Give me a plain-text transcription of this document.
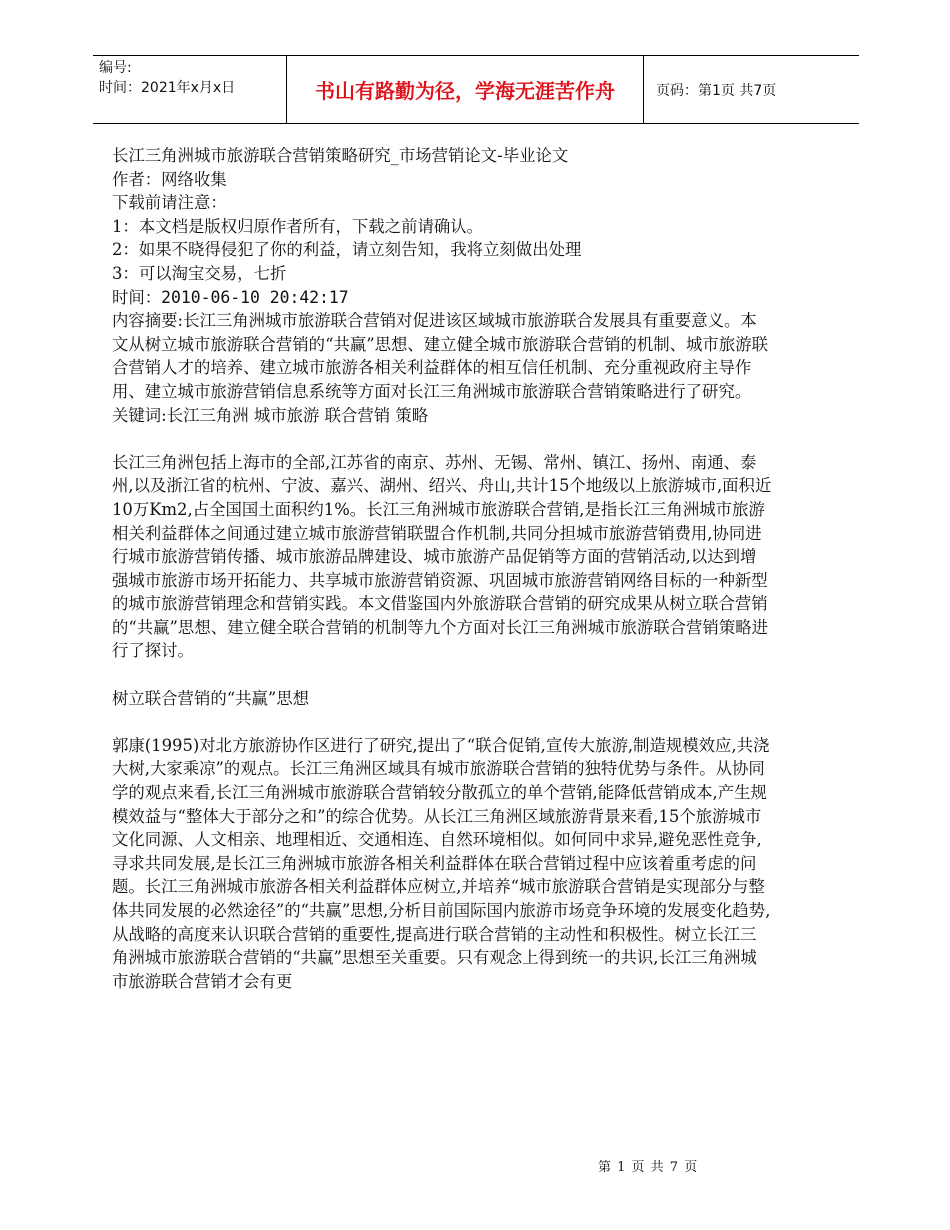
编号:
时间：2021年x月x日	书山有路勤为径，学海无涯苦作舟	页码：第1页 共7页

长江三角洲城市旅游联合营销策略研究_市场营销论文-毕业论文

作者：网络收集

下载前请注意：

1：本文档是版权归原作者所有，下载之前请确认。

2：如果不晓得侵犯了你的利益，请立刻告知，我将立刻做出处理

3：可以淘宝交易，七折

时间：2010-06-10 20:42:17

内容摘要:长江三角洲城市旅游联合营销对促进该区域城市旅游联合发展具有重要意义。本文从树立城市旅游联合营销的“共赢”思想、建立健全城市旅游联合营销的机制、城市旅游联合营销人才的培养、建立城市旅游各相关利益群体的相互信任机制、充分重视政府主导作用、建立城市旅游营销信息系统等方面对长江三角洲城市旅游联合营销策略进行了研究。

关键词:长江三角洲 城市旅游 联合营销 策略

长江三角洲包括上海市的全部,江苏省的南京、苏州、无锡、常州、镇江、扬州、南通、泰州,以及浙江省的杭州、宁波、嘉兴、湖州、绍兴、舟山,共计15个地级以上旅游城市,面积近10万Km2,占全国国土面积约1%。长江三角洲城市旅游联合营销,是指长江三角洲城市旅游相关利益群体之间通过建立城市旅游营销联盟合作机制,共同分担城市旅游营销费用,协同进行城市旅游营销传播、城市旅游品牌建设、城市旅游产品促销等方面的营销活动,以达到增强城市旅游市场开拓能力、共享城市旅游营销资源、巩固城市旅游营销网络目标的一种新型的城市旅游营销理念和营销实践。本文借鉴国内外旅游联合营销的研究成果从树立联合营销的“共赢”思想、建立健全联合营销的机制等九个方面对长江三角洲城市旅游联合营销策略进行了探讨。

树立联合营销的“共赢”思想

郭康(1995)对北方旅游协作区进行了研究,提出了“联合促销,宣传大旅游,制造规模效应,共浇大树,大家乘凉”的观点。长江三角洲区域具有城市旅游联合营销的独特优势与条件。从协同学的观点来看,长江三角洲城市旅游联合营销较分散孤立的单个营销,能降低营销成本,产生规模效益与“整体大于部分之和”的综合优势。从长江三角洲区域旅游背景来看,15个旅游城市文化同源、人文相亲、地理相近、交通相连、自然环境相似。如何同中求异,避免恶性竞争,寻求共同发展,是长江三角洲城市旅游各相关利益群体在联合营销过程中应该着重考虑的问题。长江三角洲城市旅游各相关利益群体应树立,并培养“城市旅游联合营销是实现部分与整体共同发展的必然途径”的“共赢”思想,分析目前国际国内旅游市场竞争环境的发展变化趋势,从战略的高度来认识联合营销的重要性,提高进行联合营销的主动性和积极性。树立长江三角洲城市旅游联合营销的“共赢”思想至关重要。只有观念上得到统一的共识,长江三角洲城市旅游联合营销才会有更

第 1 页 共 7 页
